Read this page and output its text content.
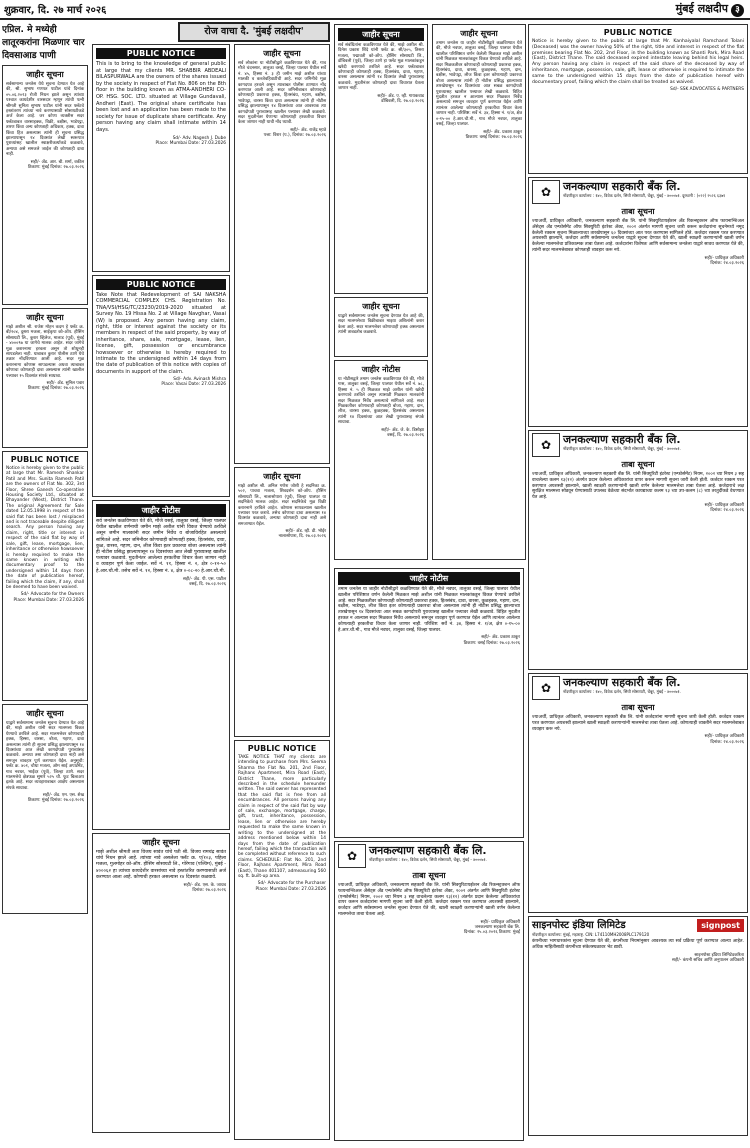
शुक्रवार, दि. २७ मार्च २०२६	मुंबई लक्षदीप ३
रोज वाचा दै. 'मुंबई लक्षदीप'
एप्रिल. मे मध्येही लातूरकरांना मिळणार चार दिवसाआड पाणी
जाहीर सूचना

सर्वसामान्य जनतेस येथे सूचना देण्यात येत आहे की, श्री. सुभाष गणपत पाटील यांचे दिनांक ०५.०६.२०२३ रोजी निधन झाले असून त्यांच्या पश्चात कायदेशीर वारसदार म्हणून त्यांची पत्नी श्रीमती सुनिता सुभाष पाटील यांनी सदर फ्लॅटचे हस्तांतरण त्यांच्या नावे करण्यासाठी सोसायटीकडे अर्ज केला आहे. जर कोणा व्यक्तीस सदर फ्लॅटबाबत वारसाहक्क, विक्री, बक्षीस, भाडेपट्टा, तारण किंवा अन्य कोणताही अधिकार, हक्क, दावा किंवा हित असल्यास त्यांनी ही सूचना प्रसिद्ध झाल्यापासून १४ दिवसांत लेखी स्वरूपात पुराव्यांसह खालील स्वाक्षरीकर्त्याकडे कळवावे, अन्यथा असे समजले जाईल की कोणताही दावा नाही.

सही/- ॲड. आर. बी. शर्मा, वकील
ठिकाण: मुंबई दिनांक: २७.०३.२०२६
जाहीर सूचना

माझे अशील श्री. राजेश मोहन कदम हे फ्लॅट क्र. बी/२०४, दुसरा मजला, साईकृपा को-ऑप. हौसिंग सोसायटी लि., कुरार व्हिलेज, मालाड (पूर्व), मुंबई - ४०००९७ या जागेचे मालक आहेत. सदर जागेचे मूळ करारनामा हरवला असून तो शोधूनही सापडलेला नाही. याबाबत कुरार पोलीस ठाणे येथे तक्रार नोंदविण्यात आली आहे. सदर मूळ करारनामा कोणास सापडल्यास अथवा त्याबाबत कोणाचा कोणताही दावा असल्यास त्यांनी खालील पत्त्यावर १५ दिवसांत संपर्क साधावा.

सही/- ॲड. सुनिल पवार
ठिकाण: मुंबई दिनांक: २७.०३.२०२६
PUBLIC NOTICE

Notice is hereby given to the public at large that Mr. Ramesh Shankar Patil and Mrs. Sunita Ramesh Patil are the owners of Flat No. 302, 3rd Floor, Shree Ganesh Co-operative Housing Society Ltd., situated at Bhayander (West), District Thane. The original Agreement for Sale dated 12.05.1998 in respect of the said flat has been lost / misplaced and is not traceable despite diligent search. Any person having any claim, right, title or interest in respect of the said flat by way of sale, gift, lease, mortgage, lien, inheritance or otherwise howsoever is hereby required to make the same known in writing with documentary proof to the undersigned within 14 days from the date of publication hereof, failing which the claim, if any, shall be deemed to have been waived.

Sd/- Advocate for the Owners
Place: Mumbai Date: 27.03.2026
जाहीर सूचना

याद्वारे सर्वसामान्य जनतेस सूचना देण्यात येत आहे की, माझे अशील यांनी सदर मालमत्ता विकत घेण्याचे ठरविले आहे. सदर मालमत्तेवर कोणाचाही हक्क, हिस्सा, वारसा, बोजा, गहाण, दावा असल्यास त्यांनी ही सूचना प्रसिद्ध झाल्यापासून १४ दिवसांच्या आत लेखी कागदोपत्री पुराव्यांसह कळवावे. अन्यथा तसा कोणताही दावा नाही असे समजून व्यवहार पूर्ण करण्यात येईल. अनुसूची: फ्लॅट क्र. ४०१, चौथा मजला, ओम साई अपार्टमेंट, गाव नवघर, भाईंदर (पूर्व), जिल्हा ठाणे. सदर मालमत्तेचे क्षेत्रफळ सुमारे ५२५ चौ. फूट बिल्टअप इतके आहे. सदर व्यवहाराबाबत आक्षेप असल्यास संपर्क साधावा.

सही/- ॲड. एम. एस. शेख
ठिकाण: मुंबई दिनांक: २७.०३.२०२६
PUBLIC NOTICE

This is to bring to the knowledge of general public at large that my clients MR. SHABBIR ABDEALI BILASPURWALA are the owners of the shares issued by the society in respect of Flat No. 806 on the 8th floor in the building known as ATMA-ANDHERI CO-OP. HSG. SOC. LTD. situated at Village Gundavali, Andheri (East). The original share certificate has been lost and an application has been made to the society for issue of duplicate share certificate. Any person having any claim shall intimate within 14 days.

Sd/- Adv. Nagesh J. Dube
Place: Mumbai Date: 27.03.2026
PUBLIC NOTICE

Take Note that Redevelopment of SAI NAKSHA COMMERCIAL COMPLEX CHS. Registration No. TNA/VSI/HSG/TC/23230/2019-2020 situated at Survey No. 19 Hissa No. 2 at Village Navghar, Vasai (W) is proposed. Any person having any claim, right, title or interest against the society or its members in respect of the said property, by way of inheritance, share, sale, mortgage, lease, lien, license, gift, possession or encumbrance howsoever or otherwise is hereby required to intimate to the undersigned within 14 days from the date of publication of this notice with copies of documents in support of the claim.

Sd/- Adv. Avinash Mishra
Place: Vasai Date: 27.03.2026
जाहीर नोटीस

सर्व जनतेस कळविण्यात येते की, मौजे वसई, तालुका वसई, जिल्हा पालघर येथील खालील वर्णनाची जमीन माझे अशील यांनी विकत घेण्याचे ठरविले असून जमीन मालकांनी सदर जमीन निर्वेध व बोजाविरहित असल्याचे सांगितले आहे. सदर जमिनीवर कोणाचाही कोणताही हक्क, हितसंबंध, दावा, कुळ, वारसा, गहाण, दान, लीज किंवा इतर प्रकारचा बोजा असल्यास त्यांनी ही नोटीस प्रसिद्ध झाल्यापासून १४ दिवसांच्या आत लेखी पुराव्यासह खालील पत्त्यावर कळवावे. मुदतीनंतर आलेल्या हरकतींचा विचार केला जाणार नाही व व्यवहार पूर्ण केला जाईल. सर्वे नं. ११, हिस्सा नं. २, क्षेत्र ०-१२-५० हे.आर.चौ.मी. तसेच सर्वे नं. १२, हिस्सा नं. ४, क्षेत्र ०-०८-२० हे.आर.चौ.मी.

सही/- ॲड. पी. एस. पाटील
वसई, दि. २७.०३.२०२६
जाहीर सूचना

माझे अशील श्रीमती लता विजय सावंत यांचे पती श्री. विजय रामचंद्र सावंत यांचे निधन झाले आहे. त्यांच्या नावे असलेला फ्लॅट क्र. ए/१०३, पहिला मजला, गुलमोहर को-ऑप. हौसिंग सोसायटी लि., गोरेगाव (पश्चिम), मुंबई - ४०००६२ हा त्यांच्या कायदेशीर वारसांच्या नावे हस्तांतरित करण्यासाठी अर्ज करण्यात आला आहे. कोणाची हरकत असल्यास १४ दिवसांत कळवावे.

सही/- ॲड. एस. के. जाधव
दिनांक: २७.०३.२०२६
जाहीर सूचना

सर्व लोकांना या नोटीसीद्वारे कळविण्यात येते की, गाव मौजे चंदनसार, तालुका वसई, जिल्हा पालघर येथील सर्वे नं. ४५, हिस्सा नं. ३ ही जमीन माझे अशील यांच्या मालकी व कब्जेवहिवाटीची आहे. सदर जमिनीचे मूळ कागदपत्र हरवले असून त्याबाबत पोलीस ठाण्यात नोंद करण्यात आली आहे. सदर जमिनीबाबत कोणाचाही कोणत्याही प्रकारचा हक्क, हितसंबंध, गहाण, बक्षीस, भाडेपट्टा, वारसा किंवा दावा असल्यास त्यांनी ही नोटीस प्रसिद्ध झाल्यापासून १४ दिवसांच्या आत आवश्यक त्या कागदोपत्री पुराव्यासह खालील पत्त्यावर लेखी कळवावे. सदर मुदतीनंतर येणाऱ्या कोणत्याही हरकतीचा विचार केला जाणार नाही याची नोंद घ्यावी.

सही/- ॲड. राजेंद्र म्हात्रे
पत्ता: विरार (प.), दिनांक: २७.०३.२०२६
जाहीर सूचना

माझे अशील श्री. अनिल गणेश जोशी हे सदनिका क्र. ५०२, पाचवा मजला, शिवदर्शन को-ऑप. हौसिंग सोसायटी लि., नालासोपारा (पूर्व), जिल्हा पालघर या सदनिकेचे मालक आहेत. सदर सदनिकेचे मूळ विक्री करारनामे हरविले आहेत. कोणास सापडल्यास खालील पत्त्यावर परत करावे. तसेच कोणाचा दावा असल्यास १४ दिवसांत कळवावे, अन्यथा कोणताही दावा नाही असे समजण्यात येईल.

सही/- ॲड. व्ही. डी. भोईर
नालासोपारा, दि. २७.०३.२०२६
PUBLIC NOTICE

TAKE NOTICE THAT my clients are intending to purchase from Mrs. Seema Sharma the Flat No. 201, 2nd Floor, Rajhans Apartment, Mira Road (East), District Thane, more particularly described in the schedule hereunder written. The said owner has represented that the said flat is free from all encumbrances. All persons having any claim in respect of the said flat by way of sale, exchange, mortgage, charge, gift, trust, inheritance, possession, lease, lien or otherwise are hereby requested to make the same known in writing to the undersigned at the address mentioned below within 14 days from the date of publication hereof, failing which the transaction will be completed without reference to such claims. SCHEDULE: Flat No. 201, 2nd Floor, Rajhans Apartment, Mira Road (East), Thane 401107, admeasuring 560 sq. ft. built-up area.

Sd/- Advocate for the Purchaser
Place: Mumbai Date: 27.03.2026
जाहीर सूचना

सर्व संबंधितांना कळविण्यात येते की, माझे अशील श्री. दिनेश प्रकाश शिंदे यांनी फ्लॅट क्र. सी/३०५, तिसरा मजला, पद्मावती को-ऑप. हौसिंग सोसायटी लि., डोंबिवली (पूर्व), जिल्हा ठाणे हा फ्लॅट मूळ मालकांकडून खरेदी करण्याचे ठरविले आहे. सदर फ्लॅटबाबत कोणाचाही कोणताही हक्क, हितसंबंध, दावा, गहाण, वारसा असल्यास त्यांनी १४ दिवसांत लेखी पुराव्यासह कळवावे. मुदतीनंतर कोणताही दावा विचारात घेतला जाणार नाही.

सही/- ॲड. ए. व्ही. गायकवाड
डोंबिवली, दि. २७.०३.२०२६
जाहीर सूचना

याद्वारे सर्वसामान्य जनतेस सूचना देण्यात येत आहे की, सदर मालमत्तेच्या विक्रीबाबत माझ्या अशिलांनी करार केला आहे. सदर मालमत्तेवर कोणाचाही हक्क असल्यास त्यांनी ताबडतोब कळवावे.

जाहीर नोटीस

या नोटीसद्वारे तमाम जनतेस कळविण्यात येते की, मौजे गास, तालुका वसई, जिल्हा पालघर येथील सर्वे नं. ७८, हिस्सा नं. ५ ही मिळकत माझे अशील यांनी खरेदी करण्याचे ठरविले असून त्यासाठी मिळकत मालकांनी सदर मिळकत निर्वेध असल्याचे सांगितले आहे. सदर मिळकतीवर कोणाचाही कोणताही बोजा, गहाण, दान, लीज, वारसा हक्क, कुळहक्क, हितसंबंध असल्यास त्यांनी १४ दिवसांच्या आत लेखी पुराव्यासह संपर्क साधावा.

सही/- ॲड. जे. के. डिसोझा
वसई, दि. २७.०३.२०२६
जाहीर नोटीस

तमाम जनतेस या जाहीर नोटीसीद्वारे कळविण्यात येते की, मौजे नवघर, तालुका वसई, जिल्हा पालघर येथील खालील परिशिष्टात वर्णन केलेली मिळकत माझे अशील यांनी मिळकत मालकांकडून विकत घेण्याचे ठरविले आहे. सदर मिळकतीवर कोणाचाही कोणत्याही प्रकारचा हक्क, हितसंबंध, दावा, वारसा, कुळहक्क, गहाण, दान, बक्षीस, भाडेपट्टा, लीज किंवा इतर कोणत्याही प्रकारचा बोजा असल्यास त्यांनी ही नोटीस प्रसिद्ध झाल्याच्या तारखेपासून १४ दिवसांच्या आत सबळ कागदोपत्री पुराव्यासह खालील पत्त्यावर लेखी कळवावे. विहित मुदतीत हरकत न आल्यास सदर मिळकत निर्वेध असल्याचे समजून व्यवहार पूर्ण करण्यात येईल आणि त्यानंतर आलेल्या कोणत्याही हरकतीचा विचार केला जाणार नाही. परिशिष्ट: सर्वे नं. ३४, हिस्सा नं. १/अ, क्षेत्र ०-१५-०० हे.आर.चौ.मी., गाव मौजे नवघर, तालुका वसई, जिल्हा पालघर.

सही/- ॲड. प्रकाश ठाकूर
ठिकाण: वसई दिनांक: २७.०३.२०२६
✿	जनकल्याण सहकारी बँक लि.
नोंदणीकृत कार्यालय : १४०, विवेक दर्शन, सिंधी सोसायटी, चेंबूर, मुंबई - ४०००७१.
ताबा सूचना

ज्याअर्थी, प्राधिकृत अधिकारी, जनकल्याण सहकारी बँक लि. यांनी सिक्युरिटायझेशन अँड रिकन्स्ट्रक्शन ऑफ फायनान्शिअल ॲसेट्स अँड एन्फोर्समेंट ऑफ सिक्युरिटी इंटरेस्ट ॲक्ट, २००२ अंतर्गत आणि सिक्युरिटी इंटरेस्ट (एन्फोर्समेंट) नियम, २००२ च्या नियम ३ सह वाचलेल्या कलम १३(१२) अंतर्गत प्रदान केलेल्या अधिकारांचा वापर करून कर्जदारांना मागणी सूचना जारी केली होती. कर्जदार रक्कम परत करण्यात अयशस्वी झाल्याने, कर्जदार आणि सर्वसामान्य जनतेस सूचना देण्यात येते की, खाली स्वाक्षरी करणाऱ्यांनी खाली वर्णन केलेल्या मालमत्तेचा ताबा घेतला आहे.

सही/- प्राधिकृत अधिकारी
जनकल्याण सहकारी बँक लि.
दिनांक: २५.०३.२०२६ ठिकाण: मुंबई
जाहीर सूचना

तमाम जनतेस या जाहीर नोटीसीद्वारे कळविण्यात येते की, मौजे नवघर, तालुका वसई, जिल्हा पालघर येथील खालील परिशिष्टात वर्णन केलेली मिळकत माझे अशील यांनी मिळकत मालकांकडून विकत घेण्याचे ठरविले आहे. सदर मिळकतीवर कोणाचाही कोणत्याही प्रकारचा हक्क, हितसंबंध, दावा, वारसा, कुळहक्क, गहाण, दान, बक्षीस, भाडेपट्टा, लीज किंवा इतर कोणत्याही प्रकारचा बोजा असल्यास त्यांनी ही नोटीस प्रसिद्ध झाल्याच्या तारखेपासून १४ दिवसांच्या आत सबळ कागदोपत्री पुराव्यासह खालील पत्त्यावर लेखी कळवावे. विहित मुदतीत हरकत न आल्यास सदर मिळकत निर्वेध असल्याचे समजून व्यवहार पूर्ण करण्यात येईल आणि त्यानंतर आलेल्या कोणत्याही हरकतीचा विचार केला जाणार नाही. परिशिष्ट: सर्वे नं. ३४, हिस्सा नं. १/अ, क्षेत्र ०-१५-०० हे.आर.चौ.मी., गाव मौजे नवघर, तालुका वसई, जिल्हा पालघर.

सही/- ॲड. प्रकाश ठाकूर
ठिकाण: वसई दिनांक: २७.०३.२०२६
PUBLIC NOTICE

Notice is hereby given to the public at large that Mr. Kanhaiyalal Ramchand Tolani (Deceased) was the owner having 50% of the right, title and interest in respect of the flat premises bearing Flat No. 202, 2nd Floor, in the building known as Shanti Park, Mira Road (East), District Thane. The said deceased expired intestate leaving behind his legal heirs. Any person having any claim in respect of the said share of the deceased by way of inheritance, mortgage, possession, sale, gift, lease or otherwise is required to intimate the same to the undersigned within 15 days from the date of publication hereof with documentary proof, failing which the claim shall be treated as waived.

Sd/- SSK ADVOCATES & PARTNERS
✿	जनकल्याण सहकारी बँक लि.
नोंदणीकृत कार्यालय : १४०, विवेक दर्शन, सिंधी सोसायटी, चेंबूर, मुंबई - ४०००७१. दूरध्वनी : (०२२) २५२६ ६३७१
ताबा सूचना

ज्याअर्थी, प्राधिकृत अधिकारी, जनकल्याण सहकारी बँक लि. यांनी सिक्युरिटायझेशन अँड रिकन्स्ट्रक्शन ऑफ फायनान्शिअल ॲसेट्स अँड एन्फोर्समेंट ऑफ सिक्युरिटी इंटरेस्ट ॲक्ट, २००२ अंतर्गत मागणी सूचना जारी करून कर्जदारांना सूचनेमध्ये नमूद केलेली रक्कम सूचना मिळाल्याच्या तारखेपासून ६० दिवसांच्या आत परत करण्यास सांगितले होते. कर्जदार रक्कम परत करण्यात अयशस्वी झाल्याने, कर्जदार आणि सर्वसामान्य जनतेला याद्वारे सूचना देण्यात येते की, खाली स्वाक्षरी करणाऱ्यांनी खाली वर्णन केलेल्या मालमत्तेचा प्रतिकात्मक ताबा घेतला आहे. कर्जदारांना विशेषतः आणि सर्वसामान्य जनतेला याद्वारे सावध करण्यात येते की, त्यांनी सदर मालमत्तेबाबत कोणताही व्यवहार करू नये.

सही/- प्राधिकृत अधिकारी
दिनांक: २४.०३.२०२६
✿	जनकल्याण सहकारी बँक लि.
नोंदणीकृत कार्यालय : १४०, विवेक दर्शन, सिंधी सोसायटी, चेंबूर, मुंबई - ४०००७१.
ताबा सूचना

ज्याअर्थी, प्राधिकृत अधिकारी, जनकल्याण सहकारी बँक लि. यांनी सिक्युरिटी इंटरेस्ट (एन्फोर्समेंट) नियम, २००२ च्या नियम ३ सह वाचलेल्या कलम १३(१२) अंतर्गत प्रदान केलेल्या अधिकारांचा वापर करून मागणी सूचना जारी केली होती. कर्जदार रक्कम परत करण्यात अयशस्वी झाल्याने, खाली स्वाक्षरी करणाऱ्यांनी खाली वर्णन केलेल्या मालमत्तेचा ताबा घेतला आहे. कर्जदाराचे लक्ष सुरक्षित मालमत्ता सोडवून घेण्यासाठी उपलब्ध वेळेच्या संदर्भात कायद्याच्या कलम १३ च्या उप-कलम (८) च्या तरतुदींकडे वेधण्यात येत आहे.

सही/- प्राधिकृत अधिकारी
दिनांक: २४.०३.२०२६
✿	जनकल्याण सहकारी बँक लि.
नोंदणीकृत कार्यालय : १४०, विवेक दर्शन, सिंधी सोसायटी, चेंबूर, मुंबई - ४०००७१.
ताबा सूचना

ज्याअर्थी, प्राधिकृत अधिकारी, जनकल्याण सहकारी बँक लि. यांनी कर्जदारांना मागणी सूचना जारी केली होती. कर्जदार रक्कम परत करण्यात अयशस्वी झाल्याने खाली स्वाक्षरी करणाऱ्यांनी मालमत्तेचा ताबा घेतला आहे. कोणत्याही व्यक्तीने सदर मालमत्तेबाबत व्यवहार करू नये.

सही/- प्राधिकृत अधिकारी
दिनांक: २४.०३.२०२६
साइनपोस्ट इंडिया लिमिटेड
नोंदणीकृत कार्यालय: मुंबई, महाराष्ट्र. CIN: L74110MH2008PLC179120
signpost

कंपनीच्या भागधारकांना सूचना देण्यात येते की, कंपनीच्या नियमांनुसार आवश्यक त्या सर्व प्रक्रिया पूर्ण करण्यात आल्या आहेत. अधिक माहितीसाठी कंपनीच्या संकेतस्थळावर भेट द्यावी.

साइनपोस्ट इंडिया लिमिटेडकरिता
सही/- कंपनी सचिव आणि अनुपालन अधिकारी
